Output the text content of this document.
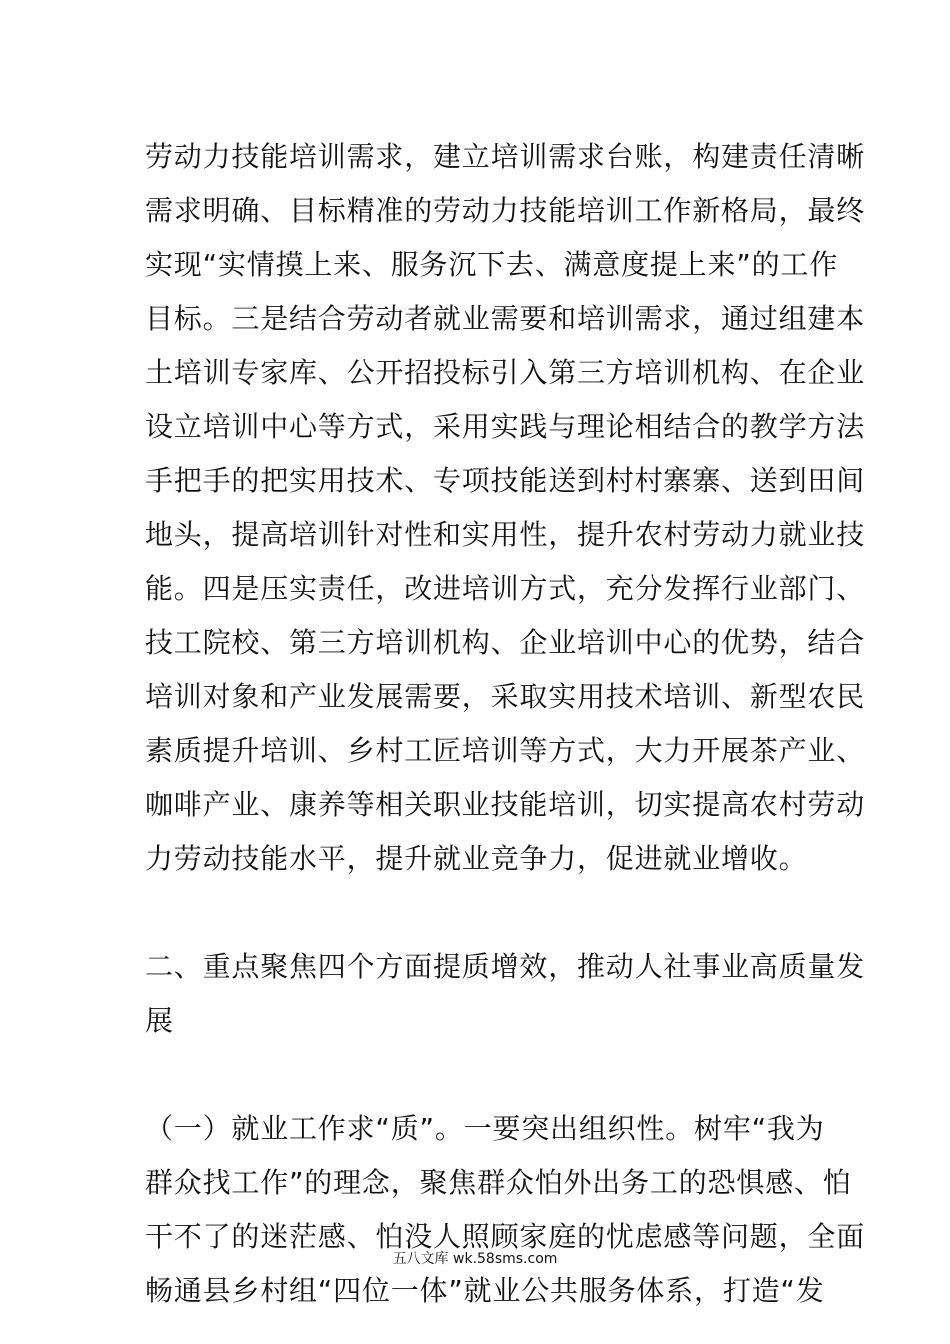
劳动力技能培训需求，建立培训需求台账，构建责任清晰
需求明确、目标精准的劳动力技能培训工作新格局，最终
实现“实情摸上来、服务沉下去、满意度提上来”的工作
目标。三是结合劳动者就业需要和培训需求，通过组建本
土培训专家库、公开招投标引入第三方培训机构、在企业
设立培训中心等方式，采用实践与理论相结合的教学方法
手把手的把实用技术、专项技能送到村村寨寨、送到田间
地头，提高培训针对性和实用性，提升农村劳动力就业技
能。四是压实责任，改进培训方式，充分发挥行业部门、
技工院校、第三方培训机构、企业培训中心的优势，结合
培训对象和产业发展需要，采取实用技术培训、新型农民
素质提升培训、乡村工匠培训等方式，大力开展茶产业、
咖啡产业、康养等相关职业技能培训，切实提高农村劳动
力劳动技能水平，提升就业竞争力，促进就业增收。
二、重点聚焦四个方面提质增效，推动人社事业高质量发
展
（一）就业工作求“质”。一要突出组织性。树牢“我为
群众找工作”的理念，聚焦群众怕外出务工的恐惧感、怕
干不了的迷茫感、怕没人照顾家庭的忧虑感等问题，全面
畅通县乡村组“四位一体”就业公共服务体系，打造“发
五八文库 wk.58sms.com
